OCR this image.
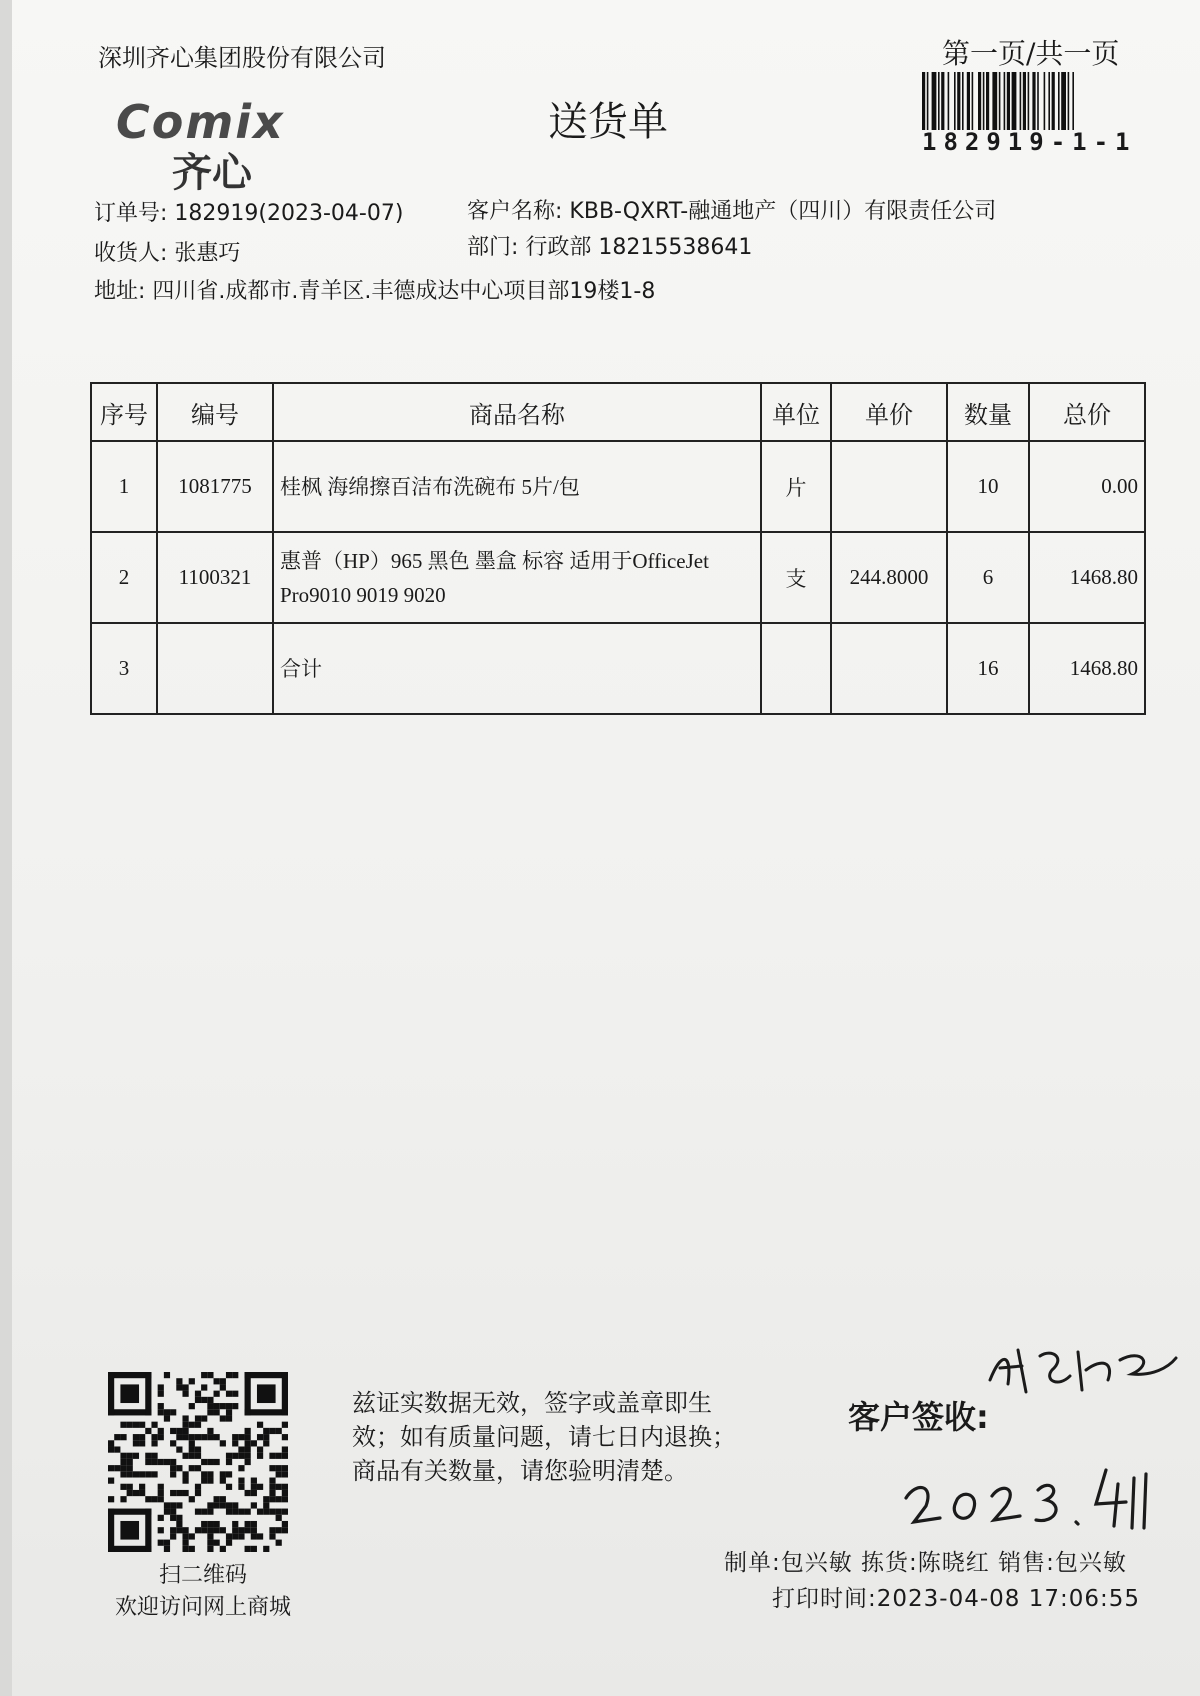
深圳齐心集团股份有限公司	第一页/共一页
182919-1-1
Comix
齐心
送货单
订单号: 182919(2023-04-07)	客户名称: KBB-QXRT-融通地产（四川）有限责任公司
收货人: 张惠巧	部门: 行政部 18215538641
地址: 四川省.成都市.青羊区.丰德成达中心项目部19楼1-8
序号	编号	商品名称	单位	单价	数量	总价
1	1081775	桂枫 海绵擦百洁布洗碗布 5片/包	片		10	0.00
2	1100321	惠普（HP）965 黑色 墨盒 标容 适用于OfficeJet Pro9010 9019 9020	支	244.8000	6	1468.80
3		合计			16	1468.80
扫二维码
欢迎访问网上商城
兹证实数据无效，签字或盖章即生效；如有质量问题，请七日内退换；商品有关数量，请您验明清楚。
客户签收:
制单:包兴敏 拣货:陈晓红 销售:包兴敏
打印时间:2023-04-08 17:06:55
